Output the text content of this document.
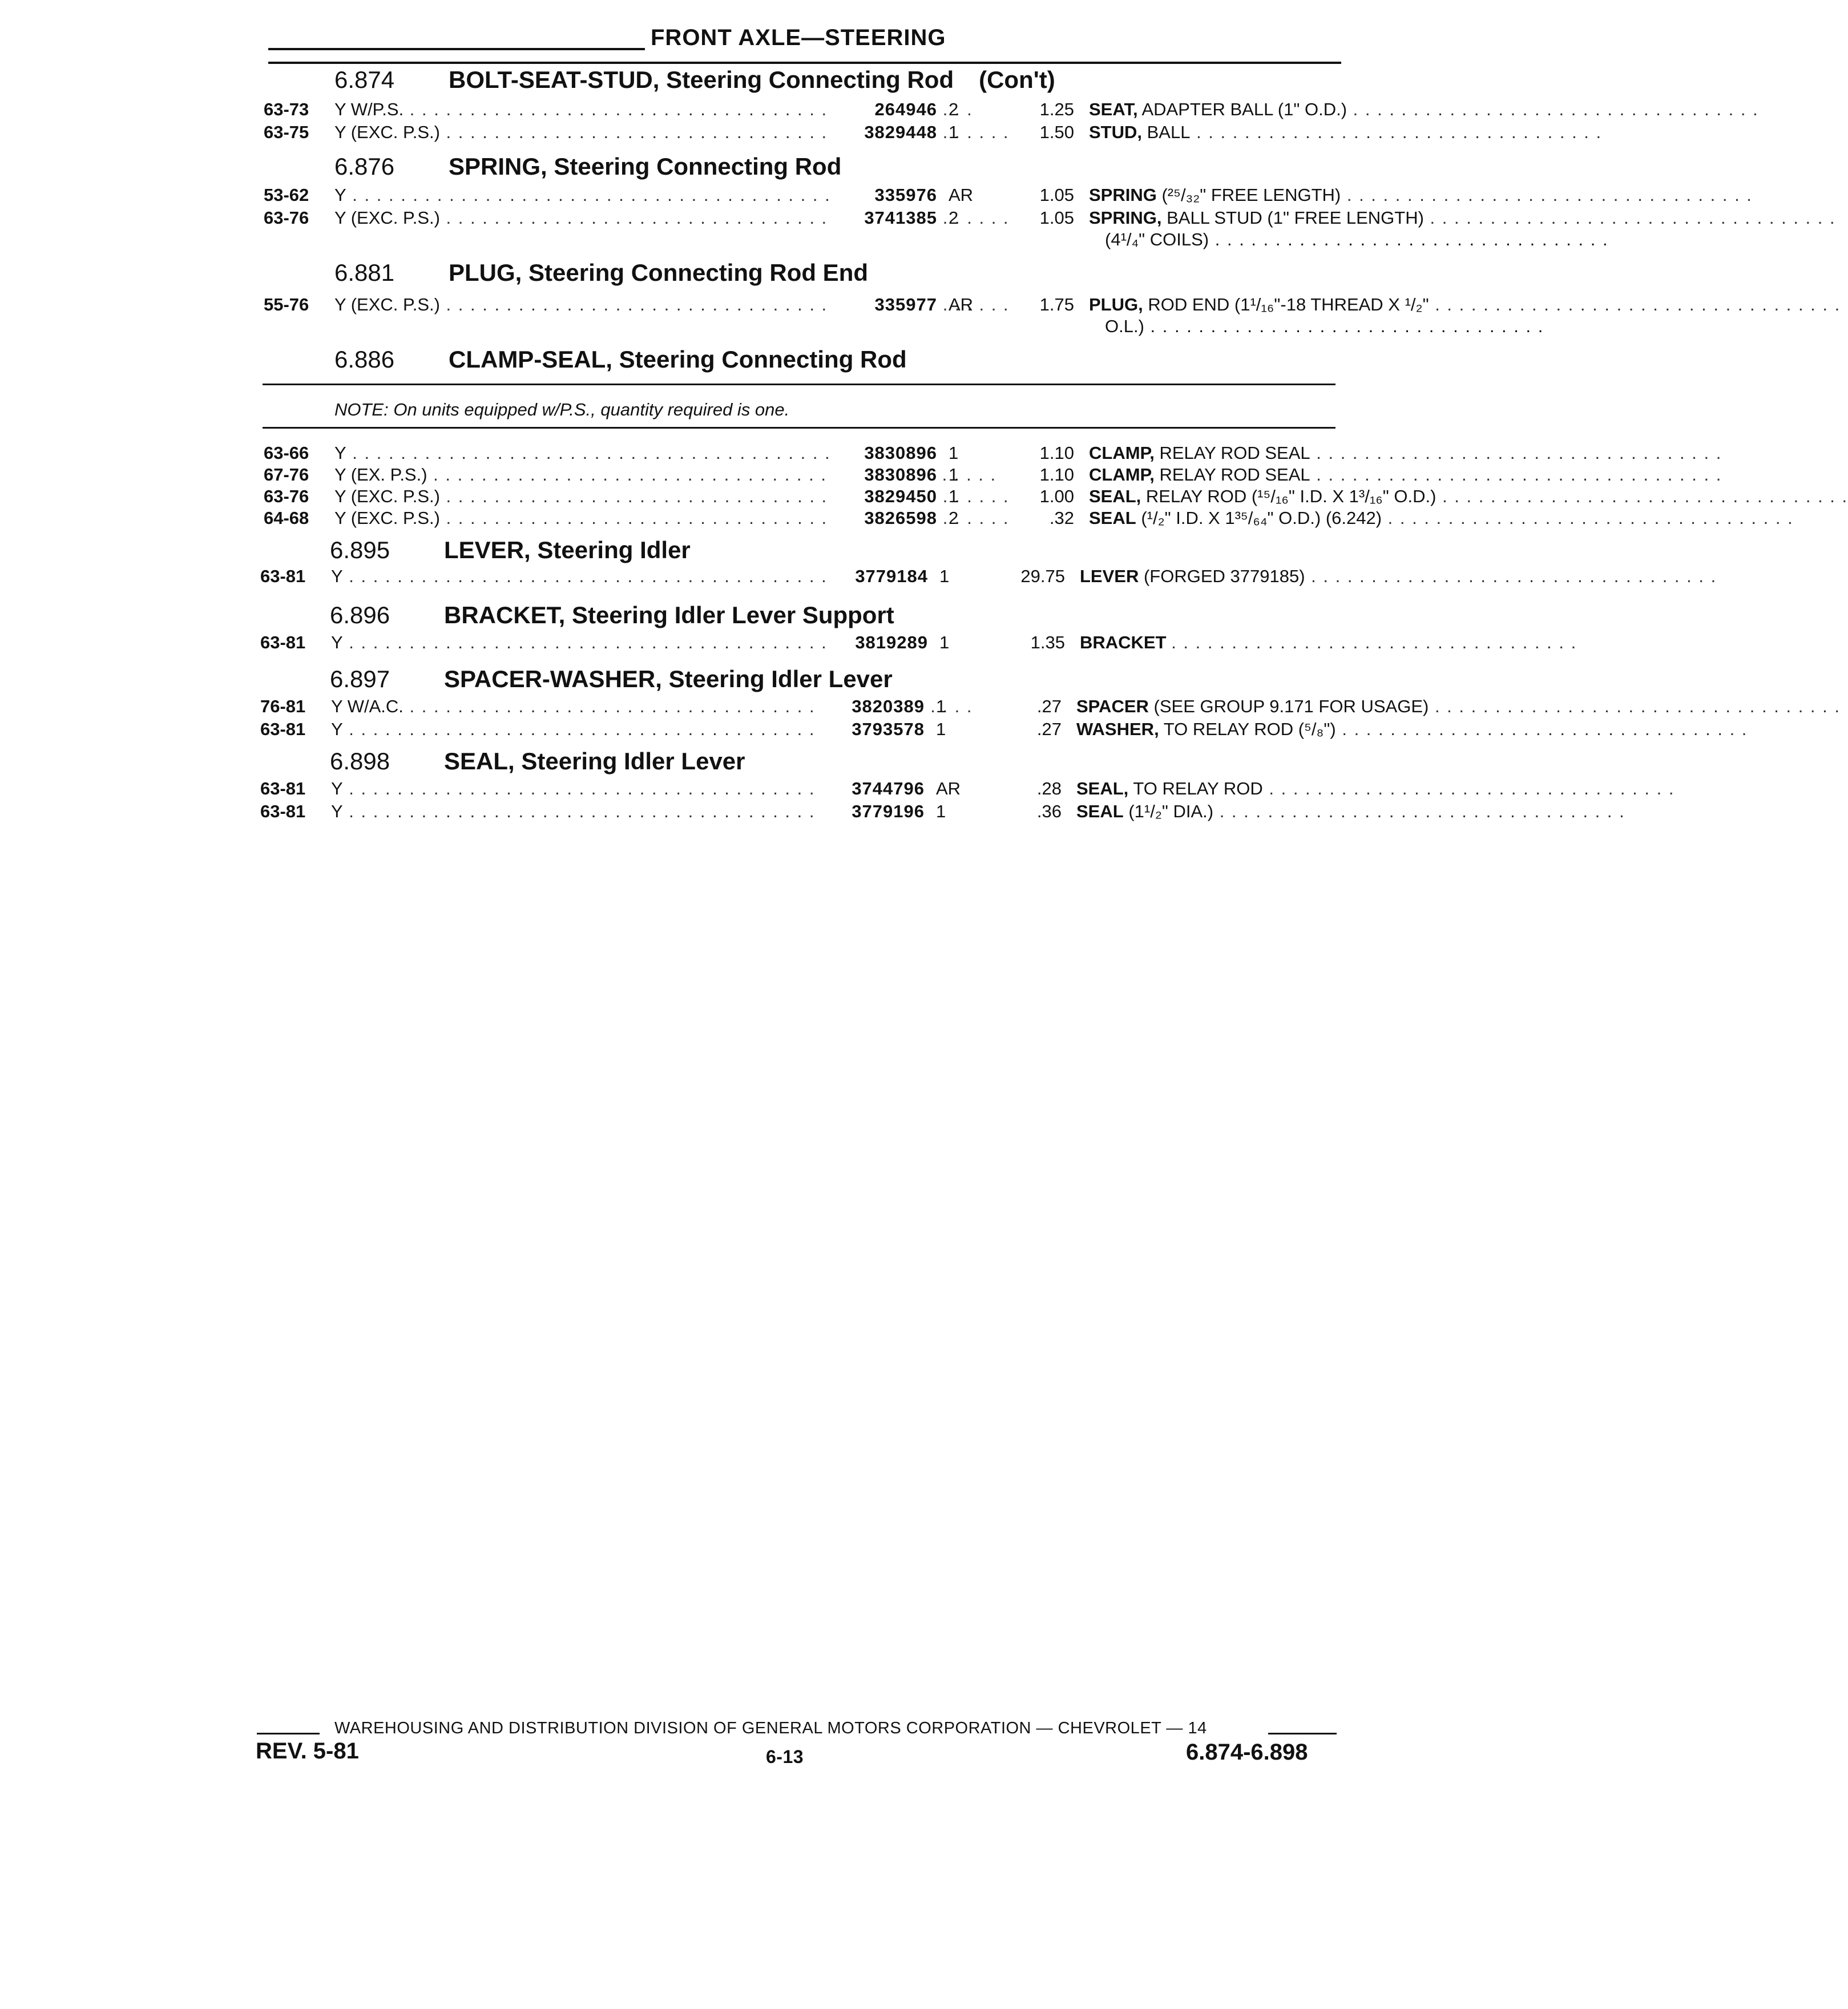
FRONT AXLE—STEERING
6.874 BOLT-SEAT-STUD, Steering Connecting Rod (Con't)
63-73	Y W/P.S. . . .	264946 2	1.25 SEAT, ADAPTER BALL (1" O.D.) . . . . . . . . . . . . . . . . . . . . . . . . . . . . . . . . . .
63-75	Y (EXC. P.S.) . . .	3829448 1	1.50 STUD, BALL . . . . . . . . . . . . . . . . . . . . . . . . . . . . . . . . . .
6.876 SPRING, Steering Connecting Rod
53-62	Y . . .	335976 AR	1.05 SPRING (²⁵/₃₂" FREE LENGTH) . . . . . . . . . . . . . . . . . . . . . . . . . . . . . . . . . .
63-76	Y (EXC. P.S.) . . .	3741385 2	1.05 SPRING, BALL STUD (1" FREE LENGTH) . . . . . . . . . . . . . . . . . . . . . . . . . . . . . . . . . .
(4¹/₄" COILS) . . . . . . . . . . . . . . . . . . . . . . . . . . . . . . . . .
6.881 PLUG, Steering Connecting Rod End
55-76	Y (EXC. P.S.) . . .	335977 AR	1.75 PLUG, ROD END (1¹/₁₆"-18 THREAD X ¹/₂" . . . . . . . . . . . . . . . . . . . . . . . . . . . . . . . . . .
O.L.) . . . . . . . . . . . . . . . . . . . . . . . . . . . . . . . . .
6.886 CLAMP-SEAL, Steering Connecting Rod
NOTE: On units equipped w/P.S., quantity required is one.
63-66	Y . . .	3830896 1	1.10 CLAMP, RELAY ROD SEAL . . . . . . . . . . . . . . . . . . . . . . . . . . . . . . . . . .
67-76	Y (EX. P.S.) . . .	3830896 1	1.10 CLAMP, RELAY ROD SEAL . . . . . . . . . . . . . . . . . . . . . . . . . . . . . . . . . .
63-76	Y (EXC. P.S.) . . .	3829450 1	1.00 SEAL, RELAY ROD (¹⁵/₁₆" I.D. X 1³/₁₆" O.D.) . . . . . . . . . . . . . . . . . . . . . . . . . . . . . . . . . .
64-68	Y (EXC. P.S.) . . .	3826598 2	.32 SEAL (¹/₂" I.D. X 1³⁵/₆₄" O.D.) (6.242) . . . . . . . . . . . . . . . . . . . . . . . . . . . . . . . . . .
6.895 LEVER, Steering Idler
63-81	Y . . .	3779184 1	29.75 LEVER (FORGED 3779185) . . . . . . . . . . . . . . . . . . . . . . . . . . . . . . . . . .
6.896 BRACKET, Steering Idler Lever Support
63-81	Y . . .	3819289 1	1.35 BRACKET . . . . . . . . . . . . . . . . . . . . . . . . . . . . . . . . . .
6.897 SPACER-WASHER, Steering Idler Lever
76-81	Y W/A.C. . . .	3820389 1	.27 SPACER (SEE GROUP 9.171 FOR USAGE) . . . . . . . . . . . . . . . . . . . . . . . . . . . . . . . . . .
63-81	Y . . .	3793578 1	.27 WASHER, TO RELAY ROD (⁵/₈") . . . . . . . . . . . . . . . . . . . . . . . . . . . . . . . . . .
6.898 SEAL, Steering Idler Lever
63-81	Y . . .	3744796 AR	.28 SEAL, TO RELAY ROD . . . . . . . . . . . . . . . . . . . . . . . . . . . . . . . . . .
63-81	Y . . .	3779196 1	.36 SEAL (1¹/₂" DIA.) . . . . . . . . . . . . . . . . . . . . . . . . . . . . . . . . . .
WAREHOUSING AND DISTRIBUTION DIVISION OF GENERAL MOTORS CORPORATION — CHEVROLET — 14
REV. 5-81	6-13	6.874-6.898
